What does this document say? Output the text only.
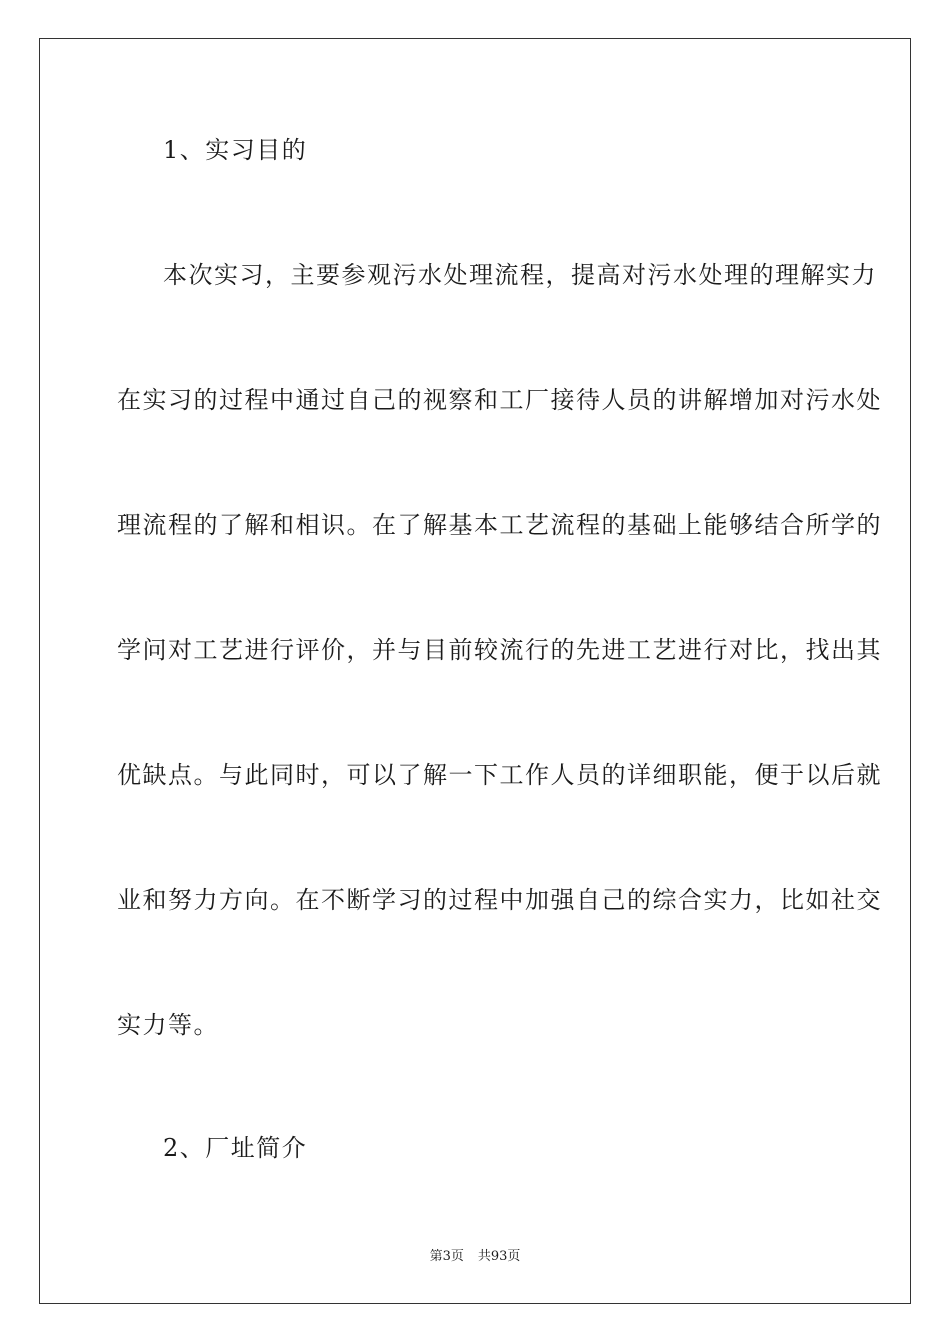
1、实习目的
本次实习，主要参观污水处理流程，提高对污水处理的理解实力
在实习的过程中通过自己的视察和工厂接待人员的讲解增加对污水处
理流程的了解和相识。在了解基本工艺流程的基础上能够结合所学的
学问对工艺进行评价，并与目前较流行的先进工艺进行对比，找出其
优缺点。与此同时，可以了解一下工作人员的详细职能，便于以后就
业和努力方向。在不断学习的过程中加强自己的综合实力，比如社交
实力等。
2、厂址简介
第3页 共93页
